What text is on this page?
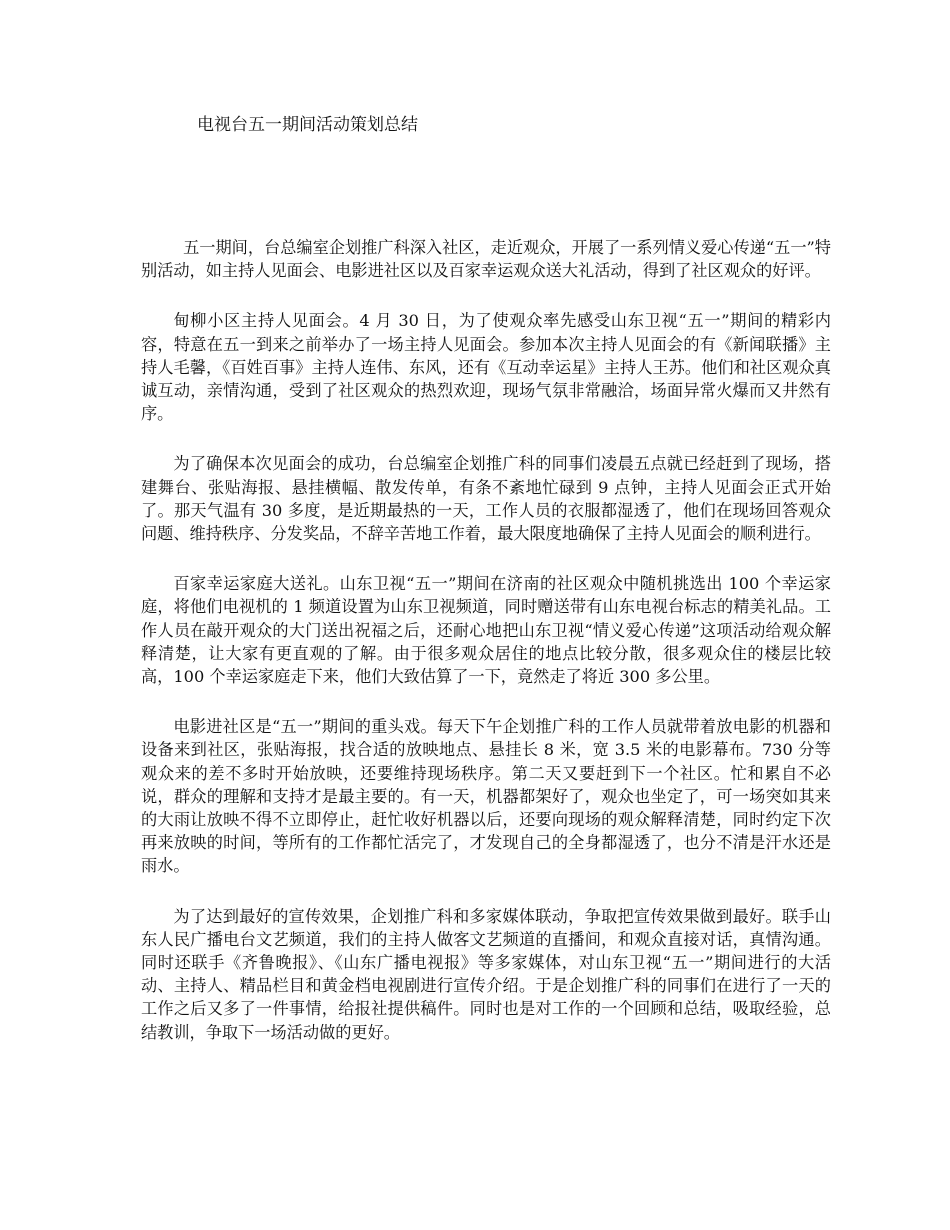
电视台五一期间活动策划总结

五一期间，台总编室企划推广科深入社区，走近观众，开展了一系列情义爱心传递“五一”特别活动，如主持人见面会、电影进社区以及百家幸运观众送大礼活动，得到了社区观众的好评。

甸柳小区主持人见面会。4 月 30 日，为了使观众率先感受山东卫视“五一”期间的精彩内容，特意在五一到来之前举办了一场主持人见面会。参加本次主持人见面会的有《新闻联播》主持人毛馨，《百姓百事》主持人连伟、东风，还有《互动幸运星》主持人王苏。他们和社区观众真诚互动，亲情沟通，受到了社区观众的热烈欢迎，现场气氛非常融洽，场面异常火爆而又井然有序。

为了确保本次见面会的成功，台总编室企划推广科的同事们凌晨五点就已经赶到了现场，搭建舞台、张贴海报、悬挂横幅、散发传单，有条不紊地忙碌到 9 点钟，主持人见面会正式开始了。那天气温有 30 多度，是近期最热的一天，工作人员的衣服都湿透了，他们在现场回答观众问题、维持秩序、分发奖品，不辞辛苦地工作着，最大限度地确保了主持人见面会的顺利进行。

百家幸运家庭大送礼。山东卫视“五一”期间在济南的社区观众中随机挑选出 100 个幸运家庭，将他们电视机的 1 频道设置为山东卫视频道，同时赠送带有山东电视台标志的精美礼品。工作人员在敲开观众的大门送出祝福之后，还耐心地把山东卫视“情义爱心传递”这项活动给观众解释清楚，让大家有更直观的了解。由于很多观众居住的地点比较分散，很多观众住的楼层比较高，100 个幸运家庭走下来，他们大致估算了一下，竟然走了将近 300 多公里。

电影进社区是“五一”期间的重头戏。每天下午企划推广科的工作人员就带着放电影的机器和设备来到社区，张贴海报，找合适的放映地点、悬挂长 8 米，宽 3.5 米的电影幕布。730 分等观众来的差不多时开始放映，还要维持现场秩序。第二天又要赶到下一个社区。忙和累自不必说，群众的理解和支持才是最主要的。有一天，机器都架好了，观众也坐定了，可一场突如其来的大雨让放映不得不立即停止，赶忙收好机器以后，还要向现场的观众解释清楚，同时约定下次再来放映的时间，等所有的工作都忙活完了，才发现自己的全身都湿透了，也分不清是汗水还是雨水。

为了达到最好的宣传效果，企划推广科和多家媒体联动，争取把宣传效果做到最好。联手山东人民广播电台文艺频道，我们的主持人做客文艺频道的直播间，和观众直接对话，真情沟通。同时还联手《齐鲁晚报》、《山东广播电视报》等多家媒体，对山东卫视“五一”期间进行的大活动、主持人、精品栏目和黄金档电视剧进行宣传介绍。于是企划推广科的同事们在进行了一天的工作之后又多了一件事情，给报社提供稿件。同时也是对工作的一个回顾和总结，吸取经验，总结教训，争取下一场活动做的更好。
